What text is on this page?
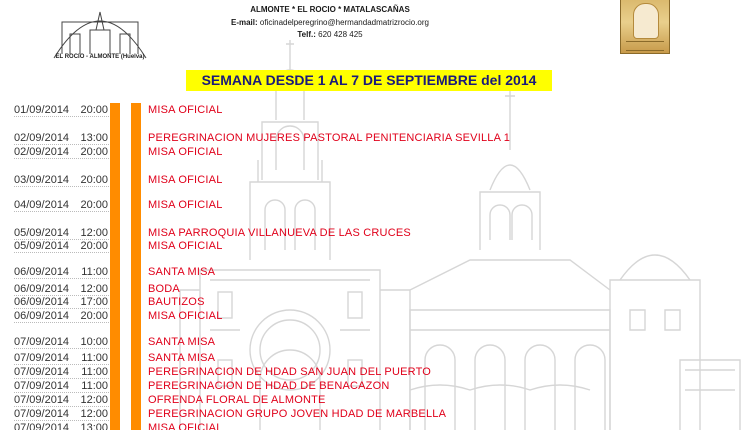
EL ROCIO - ALMONTE (Huelva)
ALMONTE * EL ROCIO * MATALASCAÑAS
E-mail: oficinadelperegrino@hermandadmatrizrocio.org
Telf.: 620 428 425
SEMANA DESDE 1 AL 7 DE SEPTIEMBRE del 2014
01/09/2014 20:00	MISA OFICIAL
02/09/2014 13:00	PEREGRINACION MUJERES PASTORAL PENITENCIARIA SEVILLA 1
02/09/2014 20:00	MISA OFICIAL
03/09/2014 20:00	MISA OFICIAL
04/09/2014 20:00	MISA OFICIAL
05/09/2014 12:00	MISA PARROQUIA VILLANUEVA DE LAS CRUCES
05/09/2014 20:00	MISA OFICIAL
06/09/2014 11:00	SANTA MISA
06/09/2014 12:00	BODA
06/09/2014 17:00	BAUTIZOS
06/09/2014 20:00	MISA OFICIAL
07/09/2014 10:00	SANTA MISA
07/09/2014 11:00	SANTA MISA
07/09/2014 11:00	PEREGRINACION DE HDAD SAN JUAN DEL PUERTO
07/09/2014 11:00	PEREGRINACION DE HDAD DE BENACAZON
07/09/2014 12:00	OFRENDA FLORAL DE ALMONTE
07/09/2014 12:00	PEREGRINACION GRUPO JOVEN HDAD DE MARBELLA
07/09/2014 13:00	MISA OFICIAL
